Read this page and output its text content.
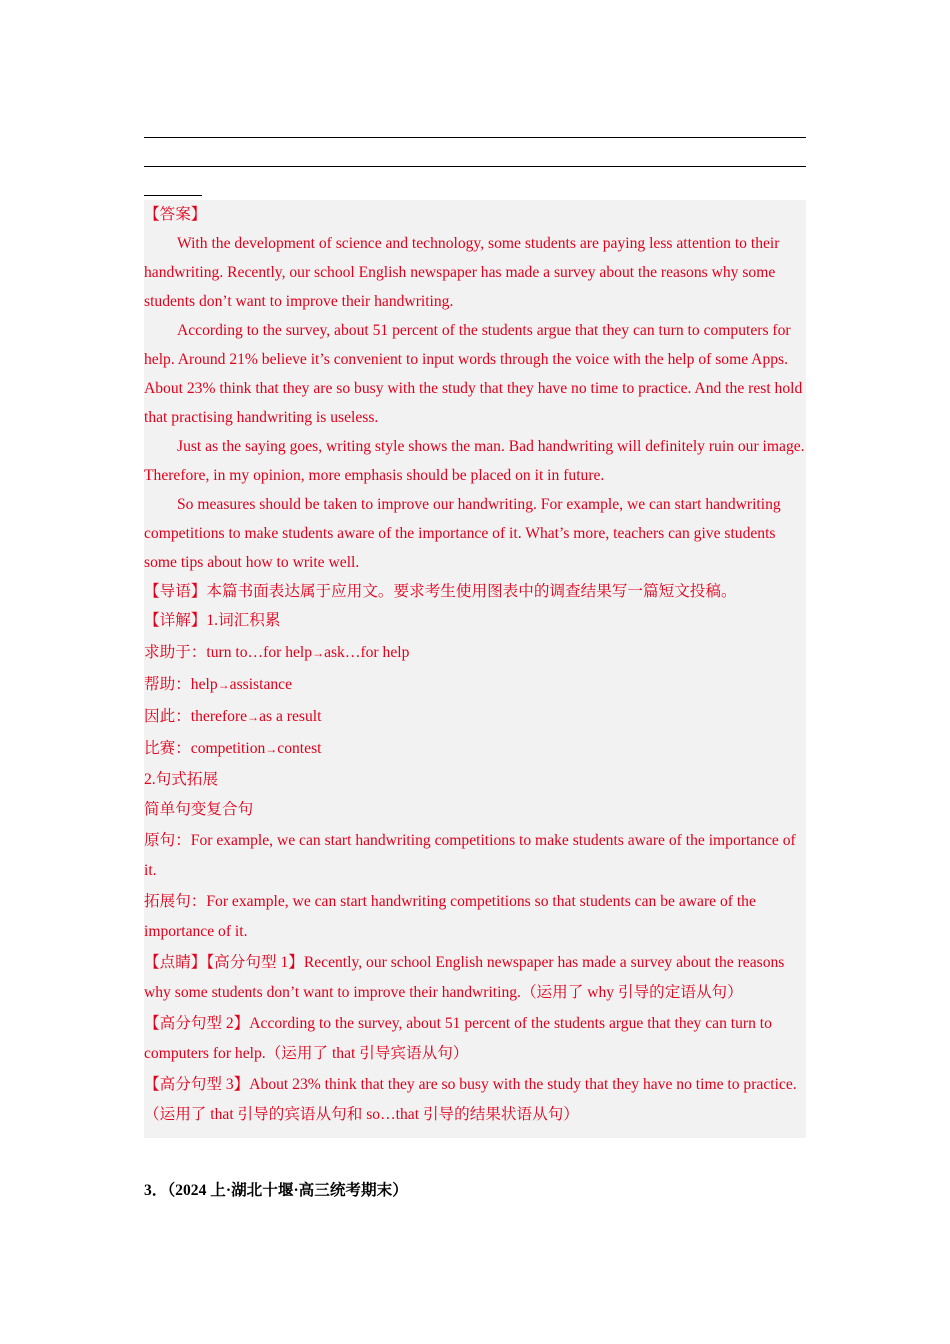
【答案】

With the development of science and technology, some students are paying less attention to their handwriting. Recently, our school English newspaper has made a survey about the reasons why some students don’t want to improve their handwriting.

According to the survey, about 51 percent of the students argue that they can turn to computers for help. Around 21% believe it’s convenient to input words through the voice with the help of some Apps. About 23% think that they are so busy with the study that they have no time to practice. And the rest hold that practising handwriting is useless.

Just as the saying goes, writing style shows the man. Bad handwriting will definitely ruin our image. Therefore, in my opinion, more emphasis should be placed on it in future.

So measures should be taken to improve our handwriting. For example, we can start handwriting competitions to make students aware of the importance of it. What’s more, teachers can give students some tips about how to write well.

【导语】本篇书面表达属于应用文。要求考生使用图表中的调查结果写一篇短文投稿。

【详解】1.词汇积累

求助于：turn to…for help→ask…for help

帮助：help→assistance

因此：therefore→as a result

比赛：competition→contest

2.句式拓展

简单句变复合句

原句：For example, we can start handwriting competitions to make students aware of the importance of it.

拓展句：For example, we can start handwriting competitions so that students can be aware of the importance of it.

【点睛】【高分句型 1】Recently, our school English newspaper has made a survey about the reasons why some students don’t want to improve their handwriting.（运用了 why 引导的定语从句）

【高分句型 2】According to the survey, about 51 percent of the students argue that they can turn to computers for help.（运用了 that 引导宾语从句）

【高分句型 3】About 23% think that they are so busy with the study that they have no time to practice.（运用了 that 引导的宾语从句和 so…that 引导的结果状语从句）

3．（2024 上·湖北十堰·高三统考期末）
